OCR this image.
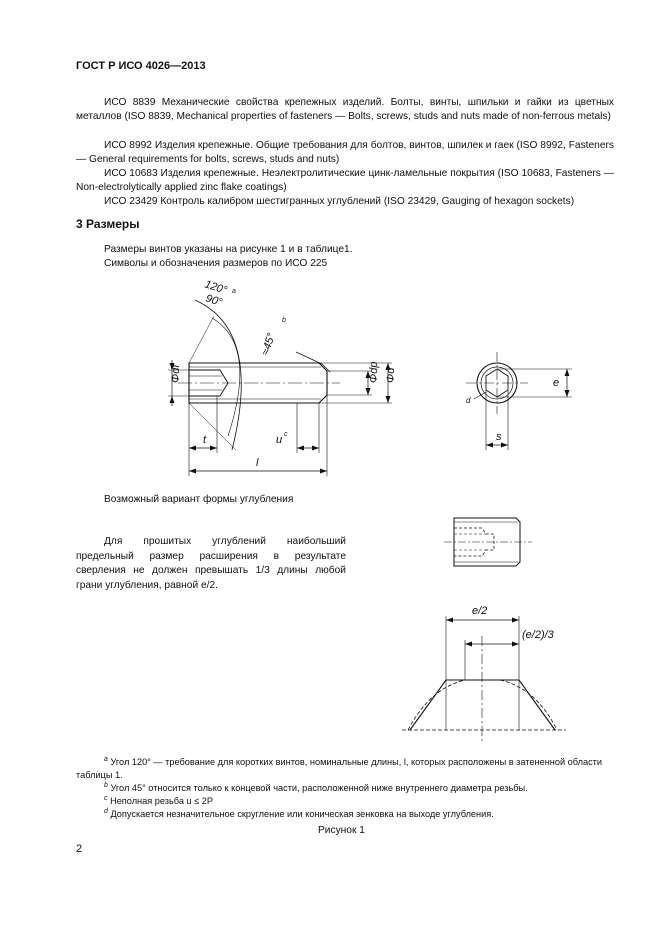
ГОСТ Р ИСО 4026—2013
ИСО 8839 Механические свойства крепежных изделий. Болты, винты, шпильки и гайки из цветных металлов (ISO 8839, Mechanical properties of fasteners — Bolts, screws, studs and nuts made of non-ferrous metals)
ИСО 8992 Изделия крепежные. Общие требования для болтов, винтов, шпилек и гаек (ISO 8992, Fasteners — General requirements for bolts, screws, studs and nuts)
ИСО 10683 Изделия крепежные. Неэлектролитические цинк-ламельные покрытия (ISO 10683, Fasteners — Non-electrolytically applied zinc flake coatings)
ИСО 23429 Контроль калибром шестигранных углублений (ISO 23429, Gauging of hexagon sockets)
3 Размеры
Размеры винтов указаны на рисунке 1 и в таблице1.
Символы и обозначения размеров по ИСО 225
120° a
90°
≈45°
b
Φdf	Φdp Φd
t	u c
l
e
s
d
Возможный вариант формы углубления
Для прошитых углублений наибольший предельный размер расширения в результате сверления не должен превышать 1/3 длины любой грани углубления, равной e/2.
e/2
(e/2)/3
$^a$ Угол 120° — требование для коротких винтов, номинальные длины, l, которых расположены в затененной области таблицы 1.
$^b$ Угол 45° относится только к концевой части, расположенной ниже внутреннего диаметра резьбы.
$^c$ Неполная резьба u ≤ 2P
$^d$ Допускается незначительное скругление или коническая зенковка на выходе углубления.
Рисунок 1
2
